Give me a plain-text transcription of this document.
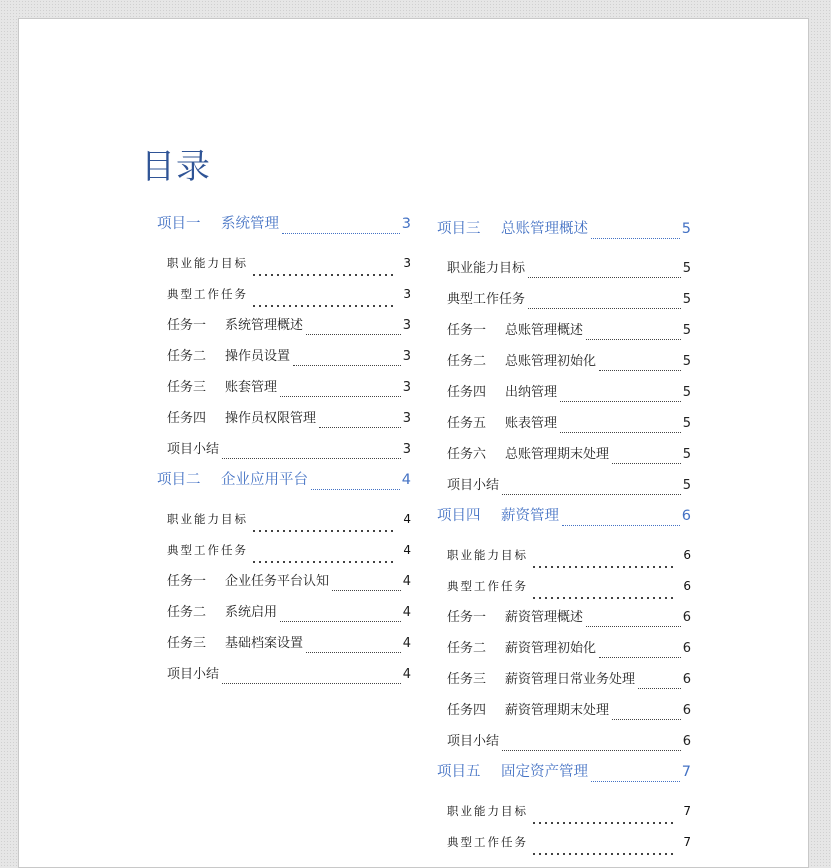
目录
项目一 系统管理	3
职业能力目标	3
典型工作任务	3
任务一 系统管理概述	3
任务二 操作员设置	3
任务三 账套管理	3
任务四 操作员权限管理	3
项目小结	3
项目二 企业应用平台	4
职业能力目标	4
典型工作任务	4
任务一 企业任务平台认知	4
任务二 系统启用	4
任务三 基础档案设置	4
项目小结	4
项目三 总账管理概述	5
职业能力目标	5
典型工作任务	5
任务一 总账管理概述	5
任务二 总账管理初始化	5
任务四 出纳管理	5
任务五 账表管理	5
任务六 总账管理期末处理	5
项目小结	5
项目四 薪资管理	6
职业能力目标	6
典型工作任务	6
任务一 薪资管理概述	6
任务二 薪资管理初始化	6
任务三 薪资管理日常业务处理	6
任务四 薪资管理期末处理	6
项目小结	6
项目五 固定资产管理	7
职业能力目标	7
典型工作任务	7
